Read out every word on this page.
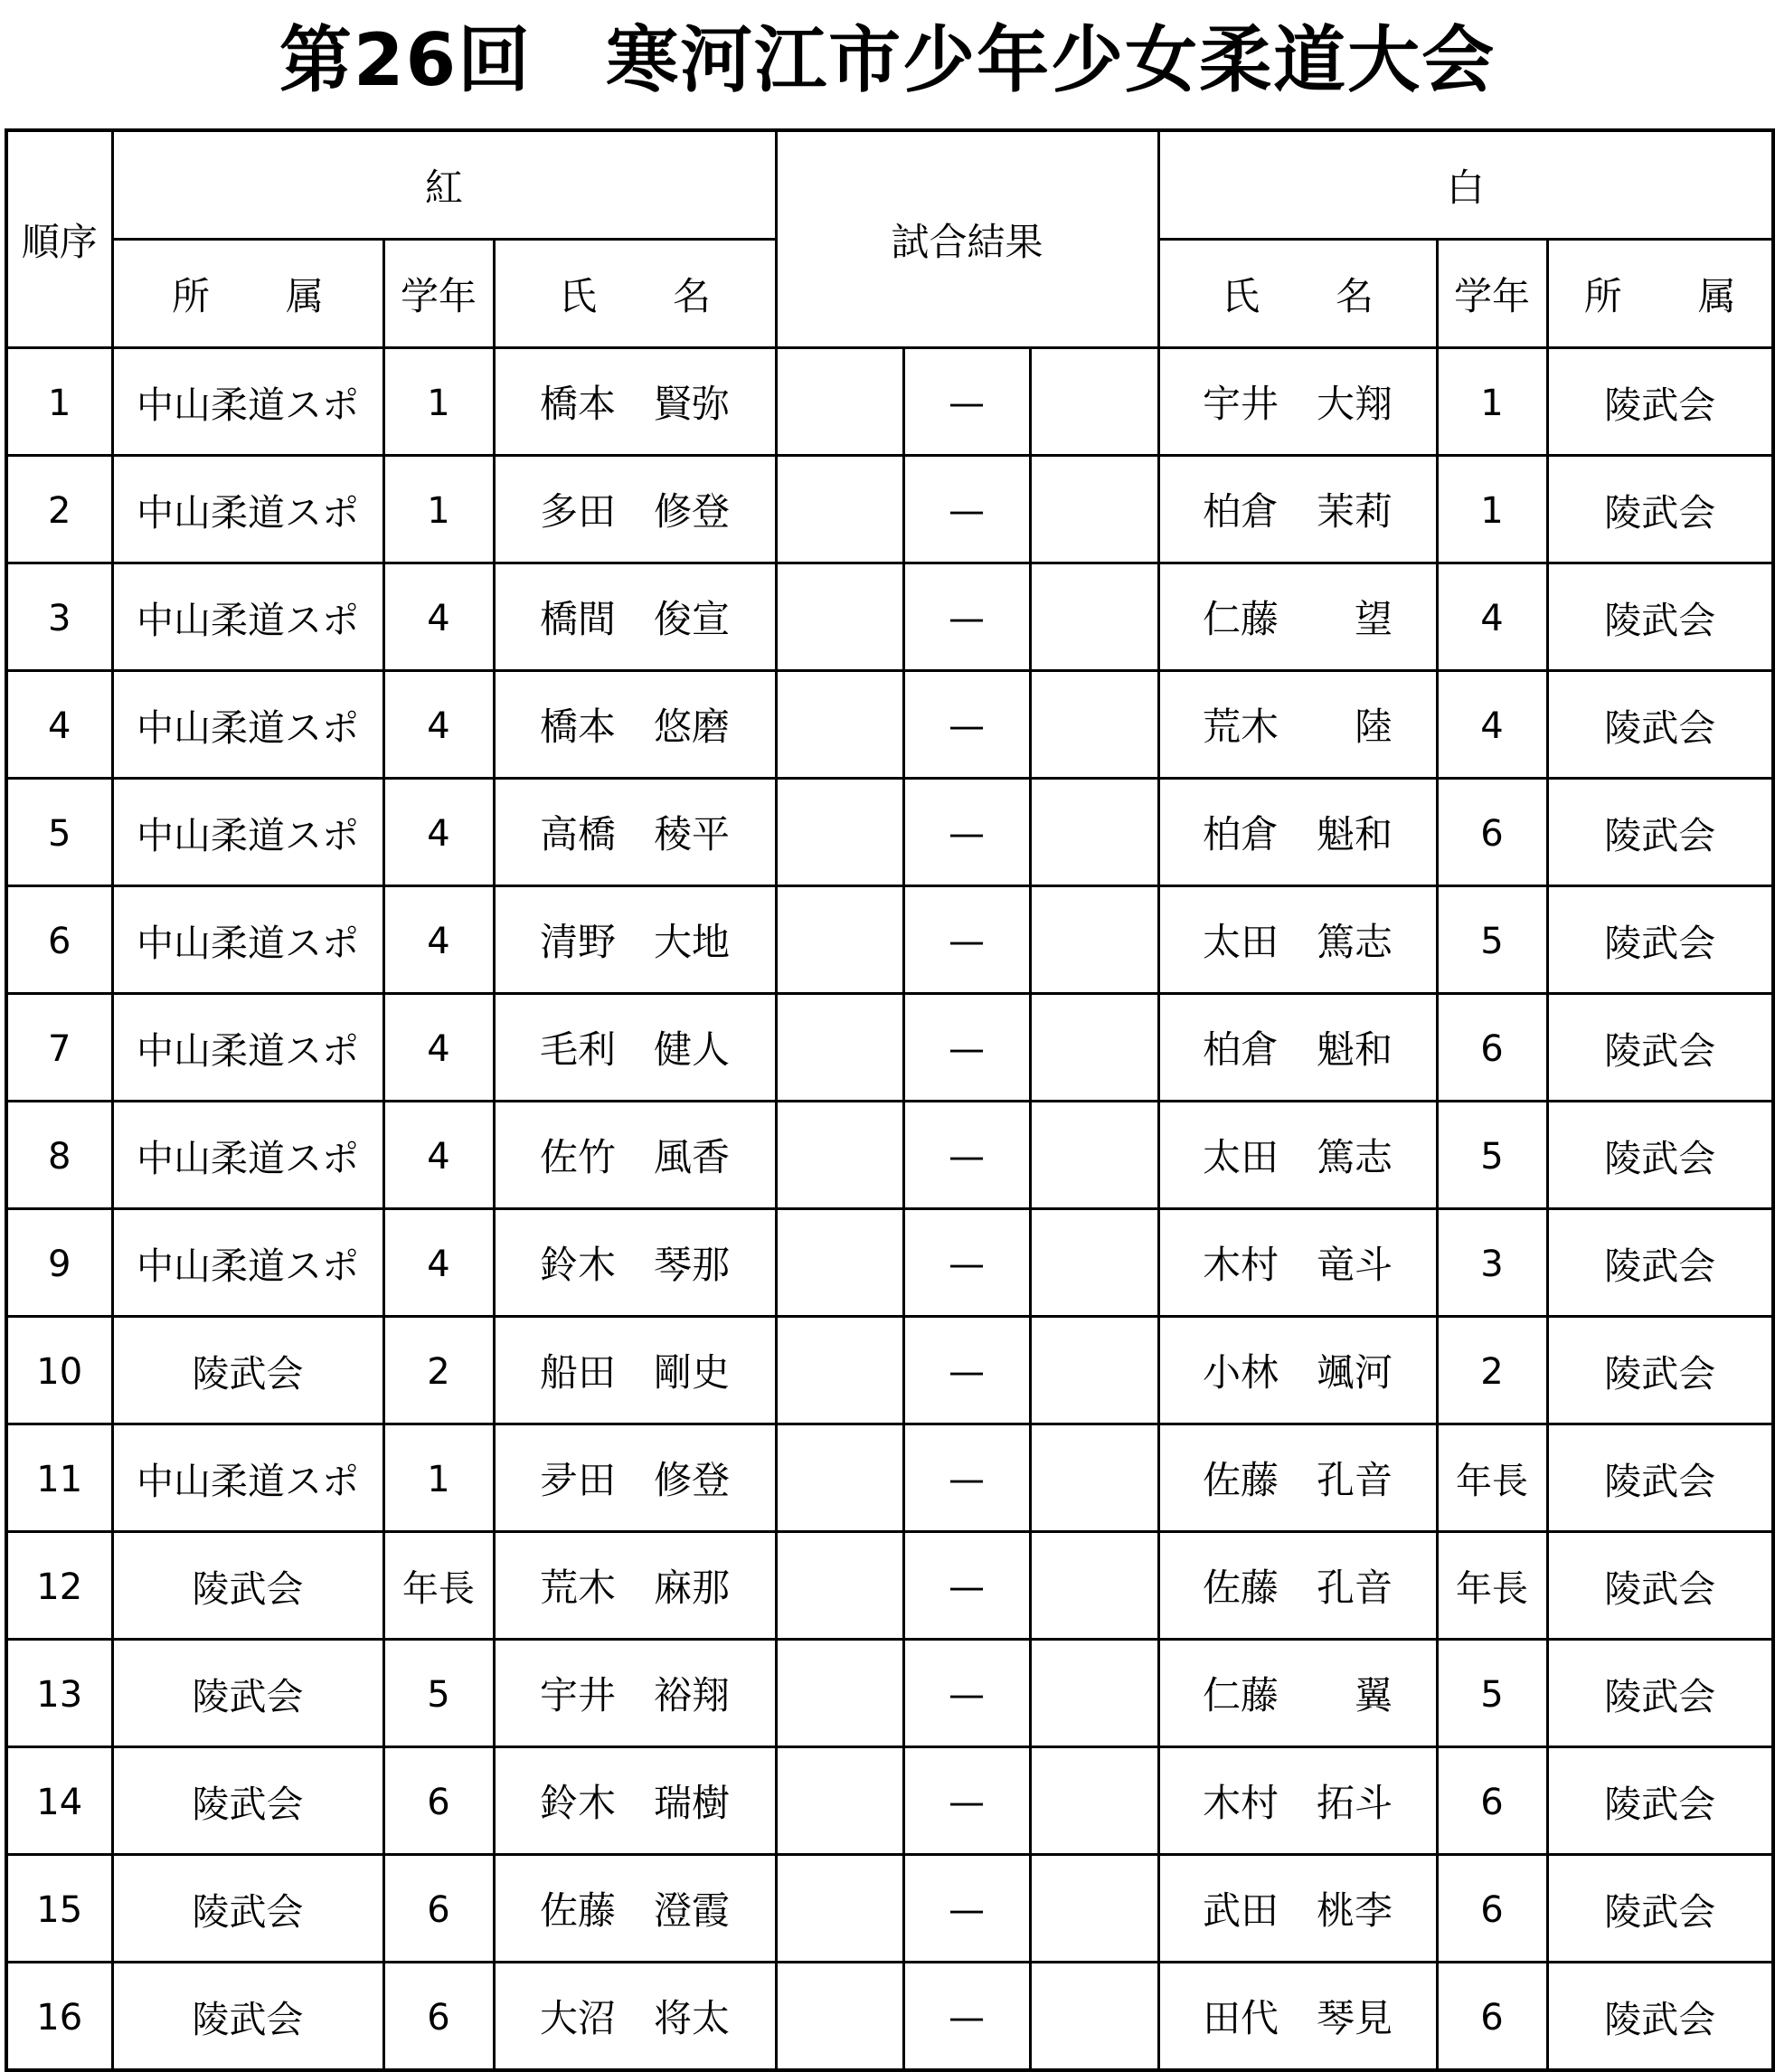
第26回　寒河江市少年少女柔道大会
順序	紅			試合結果			白		

	所　　属	学年	氏　　名				氏　　名	学年	所　　属

1	中山柔道スポ	1	橋本　賢弥		—		宇井　大翔	1	陵武会
2	中山柔道スポ	1	多田　修登		—		柏倉　茉莉	1	陵武会
3	中山柔道スポ	4	橋間　俊宣		—		仁藤　　望	4	陵武会
4	中山柔道スポ	4	橋本　悠磨		—		荒木　　陸	4	陵武会
5	中山柔道スポ	4	高橋　稜平		—		柏倉　魁和	6	陵武会
6	中山柔道スポ	4	清野　大地		—		太田　篤志	5	陵武会
7	中山柔道スポ	4	毛利　健人		—		柏倉　魁和	6	陵武会
8	中山柔道スポ	4	佐竹　風香		—		太田　篤志	5	陵武会
9	中山柔道スポ	4	鈴木　琴那		—		木村　竜斗	3	陵武会
10	陵武会	2	船田　剛史		—		小林　颯河	2	陵武会
11	中山柔道スポ	1	夛田　修登		—		佐藤　孔音	年長	陵武会
12	陵武会	年長	荒木　麻那		—		佐藤　孔音	年長	陵武会
13	陵武会	5	宇井　裕翔		—		仁藤　　翼	5	陵武会
14	陵武会	6	鈴木　瑞樹		—		木村　拓斗	6	陵武会
15	陵武会	6	佐藤　澄霞		—		武田　桃李	6	陵武会
16	陵武会	6	大沼　将太		—		田代　琴見	6	陵武会
